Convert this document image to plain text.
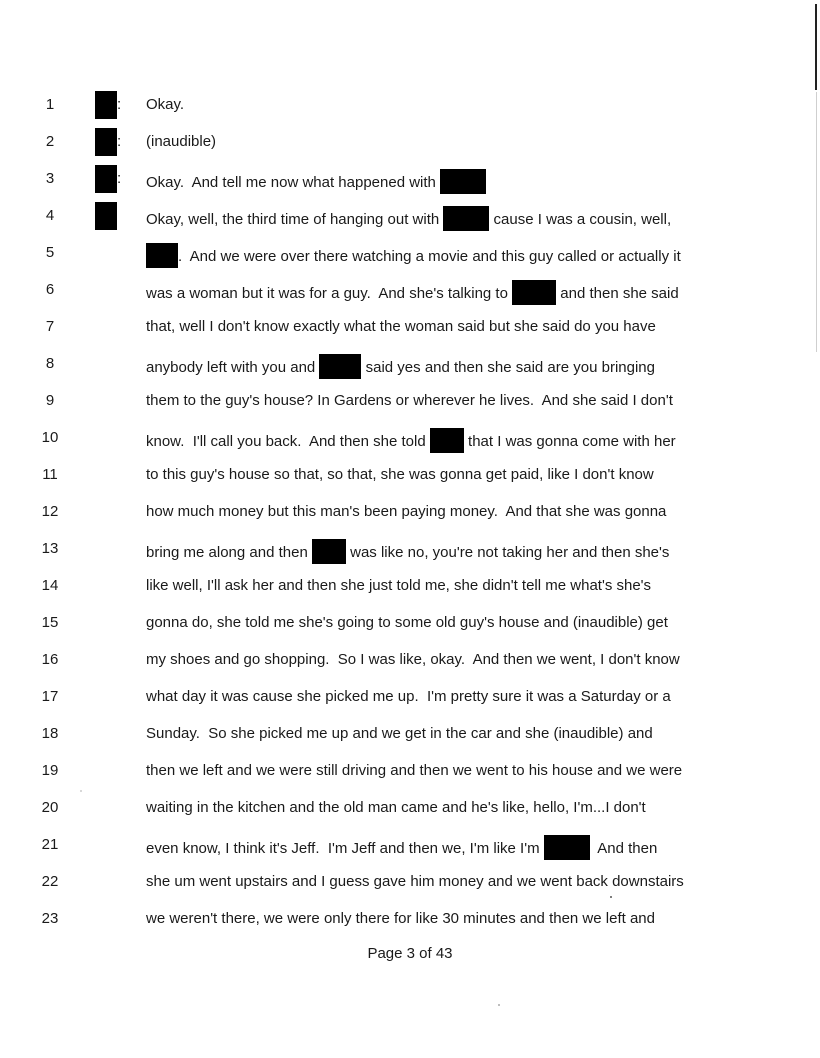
1	: Okay.
2	: (inaudible)
3	: Okay.  And tell me now what happened with
4	Okay, well, the third time of hanging out with	cause I was a cousin, well,
5	.  And we were over there watching a movie and this guy called or actually it
6	was a woman but it was for a guy.  And she's talking to	and then she said
7	that, well I don't know exactly what the woman said but she said do you have
8	anybody left with you and	said yes and then she said are you bringing
9	them to the guy's house? In Gardens or wherever he lives.  And she said I don't
10	know.  I'll call you back.  And then she told  that I was gonna come with her
11	to this guy's house so that, so that, she was gonna get paid, like I don't know
12	how much money but this man's been paying money.  And that she was gonna
13	bring me along and then  was like no, you're not taking her and then she's
14	like well, I'll ask her and then she just told me, she didn't tell me what's she's
15	gonna do, she told me she's going to some old guy's house and (inaudible) get
16	my shoes and go shopping.  So I was like, okay.  And then we went, I don't know
17	what day it was cause she picked me up.  I'm pretty sure it was a Saturday or a
18	Sunday.  So she picked me up and we get in the car and she (inaudible) and
19	then we left and we were still driving and then we went to his house and we were
20	waiting in the kitchen and the old man came and he's like, hello, I'm...I don't
21	even know, I think it's Jeff.  I'm Jeff and then we, I'm like I'm	And then
22	she um went upstairs and I guess gave him money and we went back downstairs
23	we weren't there, we were only there for like 30 minutes and then we left and
Page 3 of 43
